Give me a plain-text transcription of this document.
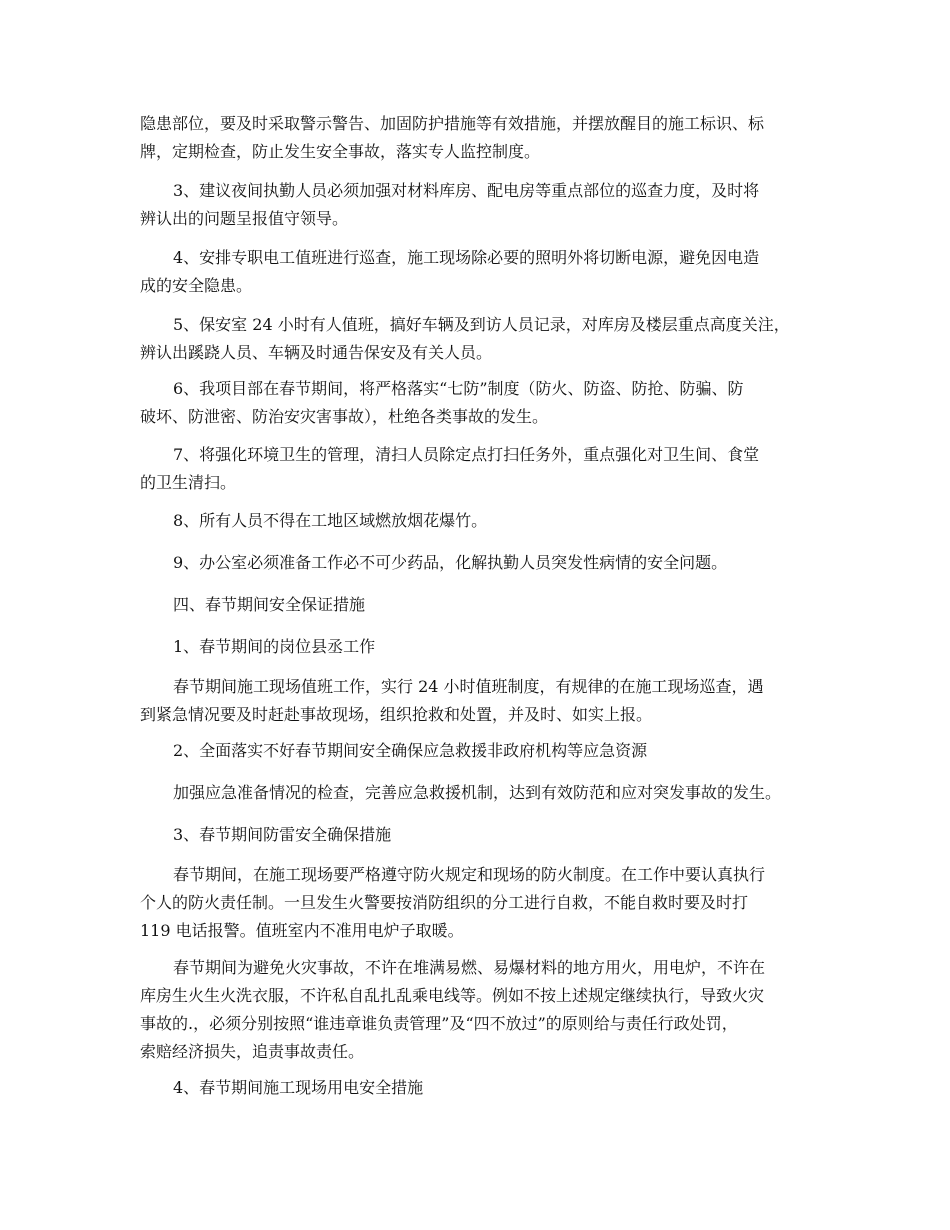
隐患部位，要及时采取警示警告、加固防护措施等有效措施，并摆放醒目的施工标识、标
牌，定期检查，防止发生安全事故，落实专人监控制度。

3、建议夜间执勤人员必须加强对材料库房、配电房等重点部位的巡查力度，及时将
辨认出的问题呈报值守领导。

4、安排专职电工值班进行巡查，施工现场除必要的照明外将切断电源，避免因电造
成的安全隐患。

5、保安室 24 小时有人值班，搞好车辆及到访人员记录，对库房及楼层重点高度关注，
辨认出蹊跷人员、车辆及时通告保安及有关人员。

6、我项目部在春节期间，将严格落实“七防”制度（防火、防盗、防抢、防骗、防
破坏、防泄密、防治安灾害事故），杜绝各类事故的发生。

7、将强化环境卫生的管理，清扫人员除定点打扫任务外，重点强化对卫生间、食堂
的卫生清扫。

8、所有人员不得在工地区域燃放烟花爆竹。

9、办公室必须准备工作必不可少药品，化解执勤人员突发性病情的安全问题。

四、春节期间安全保证措施

1、春节期间的岗位县丞工作

春节期间施工现场值班工作，实行 24 小时值班制度，有规律的在施工现场巡查，遇
到紧急情况要及时赶赴事故现场，组织抢救和处置，并及时、如实上报。

2、全面落实不好春节期间安全确保应急救援非政府机构等应急资源

加强应急准备情况的检查，完善应急救援机制，达到有效防范和应对突发事故的发生。

3、春节期间防雷安全确保措施

春节期间，在施工现场要严格遵守防火规定和现场的防火制度。在工作中要认真执行
个人的防火责任制。一旦发生火警要按消防组织的分工进行自救，不能自救时要及时打
119 电话报警。值班室内不准用电炉子取暖。

春节期间为避免火灾事故，不许在堆满易燃、易爆材料的地方用火，用电炉，不许在
库房生火生火洗衣服，不许私自乱扎乱乘电线等。例如不按上述规定继续执行，导致火灾
事故的.，必须分别按照“谁违章谁负责管理”及“四不放过”的原则给与责任行政处罚，
索赔经济损失，追责事故责任。

4、春节期间施工现场用电安全措施
